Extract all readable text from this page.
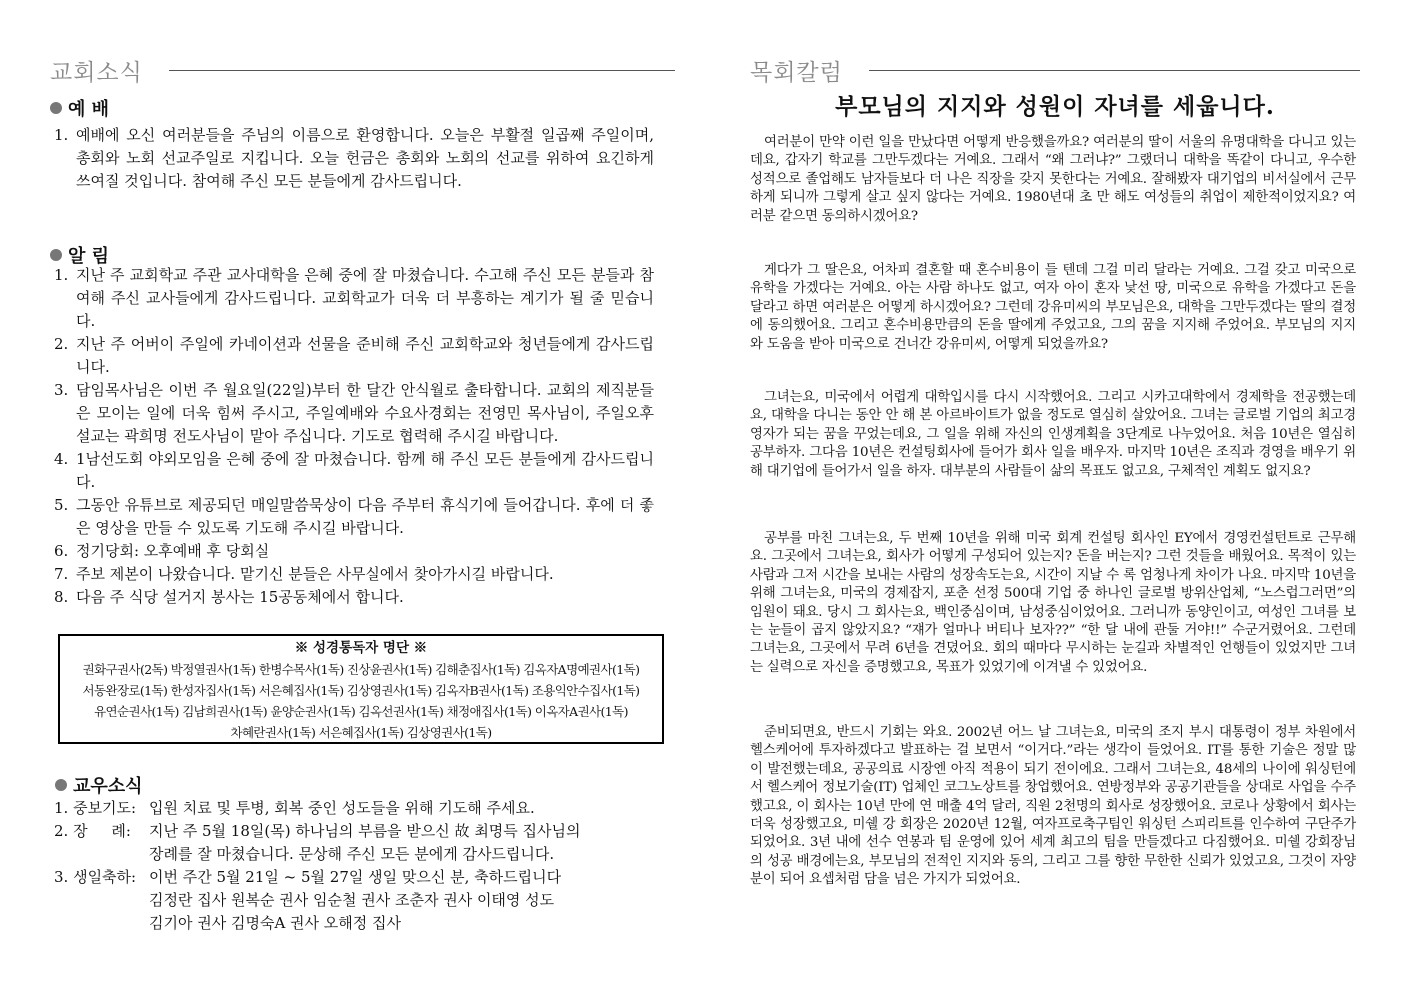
교회소식
예 배
1. 예배에 오신 여러분들을 주님의 이름으로 환영합니다. 오늘은 부활절 일곱째 주일이며, 총회와 노회 선교주일로 지킵니다. 오늘 헌금은 총회와 노회의 선교를 위하여 요긴하게 쓰여질 것입니다. 참여해 주신 모든 분들에게 감사드립니다.
알 림
1. 지난 주 교회학교 주관 교사대학을 은혜 중에 잘 마쳤습니다. 수고해 주신 모든 분들과 참여해 주신 교사들에게 감사드립니다. 교회학교가 더욱 더 부흥하는 계기가 될 줄 믿습니다.
2. 지난 주 어버이 주일에 카네이션과 선물을 준비해 주신 교회학교와 청년들에게 감사드립니다.
3. 담임목사님은 이번 주 월요일(22일)부터 한 달간 안식월로 출타합니다. 교회의 제직분들은 모이는 일에 더욱 힘써 주시고, 주일예배와 수요사경회는 전영민 목사님이, 주일오후 설교는 곽희명 전도사님이 맡아 주십니다. 기도로 협력해 주시길 바랍니다.
4. 1남선도회 야외모임을 은혜 중에 잘 마쳤습니다. 함께 해 주신 모든 분들에게 감사드립니다.
5. 그동안 유튜브로 제공되던 매일말씀묵상이 다음 주부터 휴식기에 들어갑니다. 후에 더 좋은 영상을 만들 수 있도록 기도해 주시길 바랍니다.
6. 정기당회: 오후예배 후 당회실
7. 주보 제본이 나왔습니다. 맡기신 분들은 사무실에서 찾아가시길 바랍니다.
8. 다음 주 식당 설거지 봉사는 15공동체에서 합니다.
※ 성경통독자 명단 ※
권화구권사(2독) 박정열권사(1독) 한병수목사(1독) 진상윤권사(1독) 김해춘집사(1독) 김옥자A명예권사(1독)
서동완장로(1독) 한성자집사(1독) 서은혜집사(1독) 김상영권사(1독) 김옥자B권사(1독) 조용익안수집사(1독)
유연순권사(1독) 김남희권사(1독) 윤양순권사(1독) 김옥선권사(1독) 채정애집사(1독) 이옥자A권사(1독)
차혜란권사(1독) 서은혜집사(1독) 김상영권사(1독)
교우소식
1. 중보기도: 입원 치료 및 투병, 회복 중인 성도들을 위해 기도해 주세요.
2. 장     례:	지난 주 5월 18일(목) 하나님의 부름을 받으신 故 최명득 집사님의
장례를 잘 마쳤습니다. 문상해 주신 모든 분에게 감사드립니다.
3. 생일축하: 이번 주간 5월 21일 ~ 5월 27일 생일 맞으신 분, 축하드립니다
김정란 집사 원복순 권사 임순철 권사 조춘자 권사 이태영 성도
김기아 권사 김명숙A 권사 오해정 집사
목회칼럼
부모님의 지지와 성원이 자녀를 세웁니다.

여러분이 만약 이런 일을 만났다면 어떻게 반응했을까요? 여러분의 딸이 서울의 유명대학을 다니고 있는데요, 갑자기 학교를 그만두겠다는 거예요. 그래서 “왜 그러냐?” 그랬더니 대학을 똑같이 다니고, 우수한 성적으로 졸업해도 남자들보다 더 나은 직장을 갖지 못한다는 거예요. 잘해봤자 대기업의 비서실에서 근무하게 되니까 그렇게 살고 싶지 않다는 거예요. 1980년대 초 만 해도 여성들의 취업이 제한적이었지요? 여러분 같으면 동의하시겠어요?

게다가 그 딸은요, 어차피 결혼할 때 혼수비용이 들 텐데 그걸 미리 달라는 거예요. 그걸 갖고 미국으로 유학을 가겠다는 거예요. 아는 사람 하나도 없고, 여자 아이 혼자 낯선 땅, 미국으로 유학을 가겠다고 돈을 달라고 하면 여러분은 어떻게 하시겠어요? 그런데 강유미씨의 부모님은요, 대학을 그만두겠다는 딸의 결정에 동의했어요. 그리고 혼수비용만큼의 돈을 딸에게 주었고요, 그의 꿈을 지지해 주었어요. 부모님의 지지와 도움을 받아 미국으로 건너간 강유미씨, 어떻게 되었을까요?

그녀는요, 미국에서 어렵게 대학입시를 다시 시작했어요. 그리고 시카고대학에서 경제학을 전공했는데요, 대학을 다니는 동안 안 해 본 아르바이트가 없을 정도로 열심히 살았어요. 그녀는 글로벌 기업의 최고경영자가 되는 꿈을 꾸었는데요, 그 일을 위해 자신의 인생계획을 3단계로 나누었어요. 처음 10년은 열심히 공부하자. 그다음 10년은 컨설팅회사에 들어가 회사 일을 배우자. 마지막 10년은 조직과 경영을 배우기 위해 대기업에 들어가서 일을 하자. 대부분의 사람들이 삶의 목표도 없고요, 구체적인 계획도 없지요?

공부를 마친 그녀는요, 두 번째 10년을 위해 미국 회계 컨설팅 회사인 EY에서 경영컨설턴트로 근무해요. 그곳에서 그녀는요, 회사가 어떻게 구성되어 있는지? 돈을 버는지? 그런 것들을 배웠어요. 목적이 있는 사람과 그저 시간을 보내는 사람의 성장속도는요, 시간이 지날 수 록 엄청나게 차이가 나요. 마지막 10년을 위해 그녀는요, 미국의 경제잡지, 포춘 선정 500대 기업 중 하나인 글로벌 방위산업체, “노스럽그러먼”의 임원이 돼요. 당시 그 회사는요, 백인중심이며, 남성중심이었어요. 그러니까 동양인이고, 여성인 그녀를 보는 눈들이 곱지 않았지요? “쟤가 얼마나 버티나 보자??” “한 달 내에 관둘 거야!!” 수군거렸어요. 그런데 그녀는요, 그곳에서 무려 6년을 견뎠어요. 회의 때마다 무시하는 눈길과 차별적인 언행들이 있었지만 그녀는 실력으로 자신을 증명했고요, 목표가 있었기에 이겨낼 수 있었어요.

준비되면요, 반드시 기회는 와요. 2002년 어느 날 그녀는요, 미국의 조지 부시 대통령이 정부 차원에서 헬스케어에 투자하겠다고 발표하는 걸 보면서 “이거다.”라는 생각이 들었어요. IT를 통한 기술은 정말 많이 발전했는데요, 공공의료 시장엔 아직 적용이 되기 전이에요. 그래서 그녀는요, 48세의 나이에 워싱턴에서 헬스케어 정보기술(IT) 업체인 코그노상트를 창업했어요. 연방정부와 공공기관들을 상대로 사업을 수주했고요, 이 회사는 10년 만에 연 매출 4억 달러, 직원 2천명의 회사로 성장했어요. 코로나 상황에서 회사는 더욱 성장했고요, 미쉘 강 회장은 2020년 12월, 여자프로축구팀인 워싱턴 스피리트를 인수하여 구단주가 되었어요. 3년 내에 선수 연봉과 팀 운영에 있어 세계 최고의 팀을 만들겠다고 다짐했어요. 미쉘 강회장님의 성공 배경에는요, 부모님의 전적인 지지와 동의, 그리고 그를 향한 무한한 신뢰가 있었고요, 그것이 자양분이 되어 요셉처럼 담을 넘은 가지가 되었어요.
